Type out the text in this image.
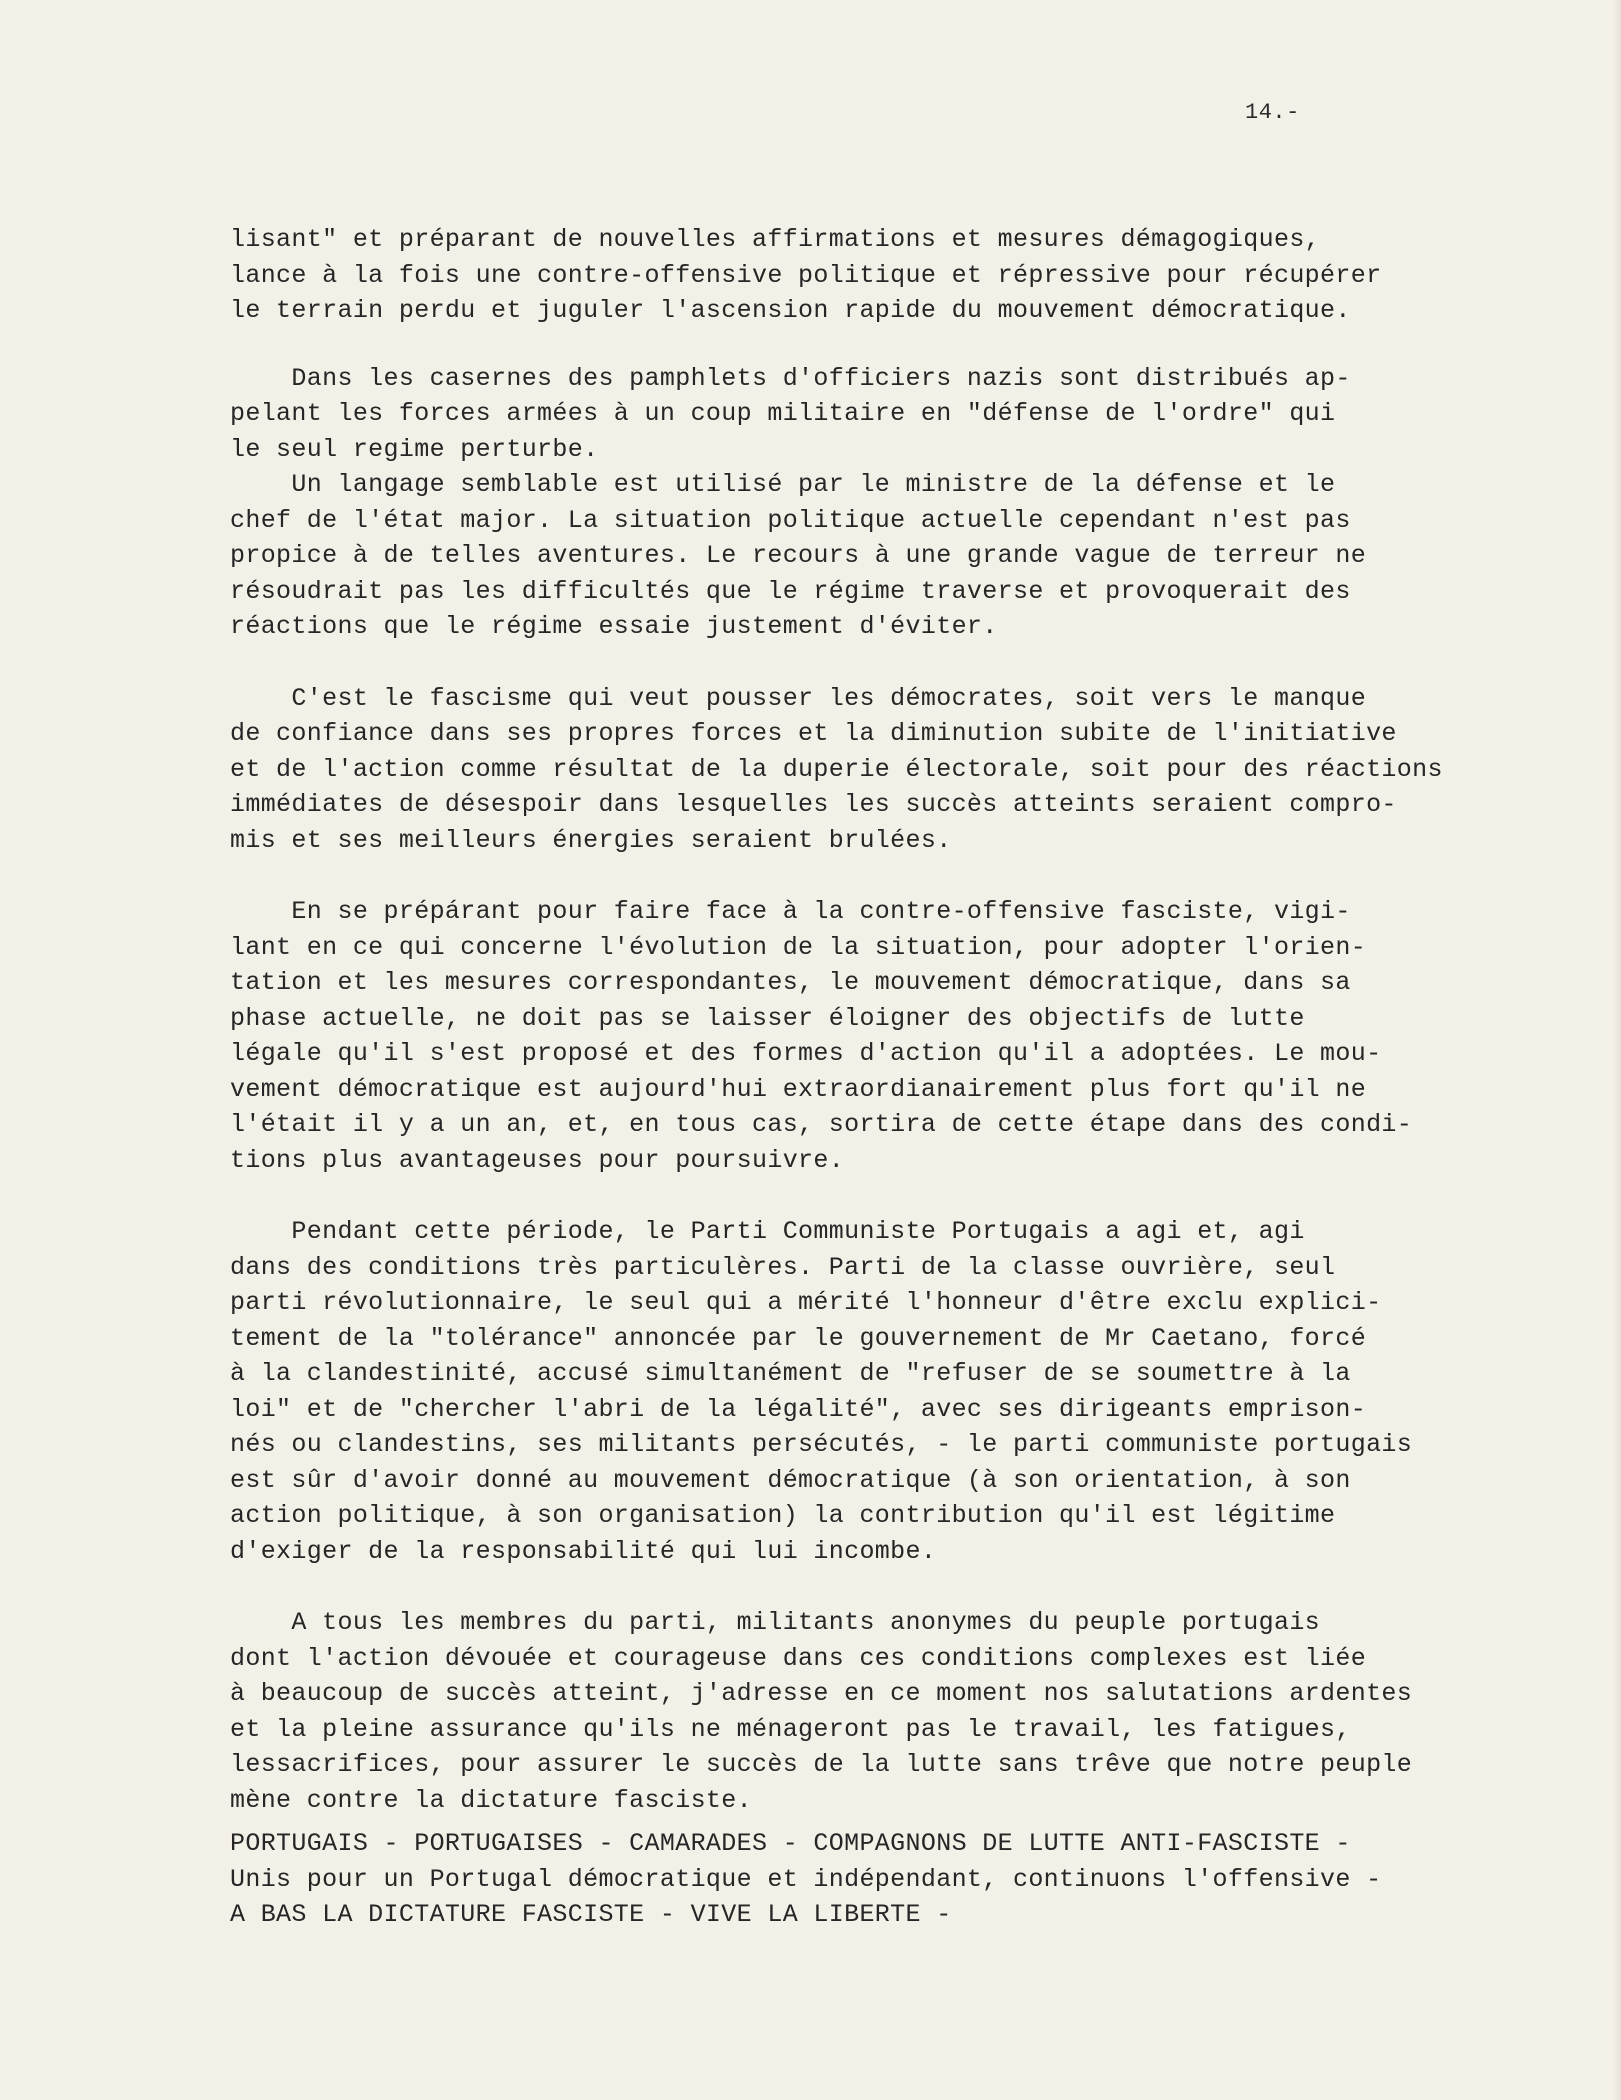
14.-

lisant" et préparant de nouvelles affirmations et mesures démagogiques,
lance à la fois une contre-offensive politique et répressive pour récupérer
le terrain perdu et juguler l'ascension rapide du mouvement démocratique.

Dans les casernes des pamphlets d'officiers nazis sont distribués ap-
pelant les forces armées à un coup militaire en "défense de l'ordre" qui
le seul regime perturbe.

Un langage semblable est utilisé par le ministre de la défense et le
chef de l'état major. La situation politique actuelle cependant n'est pas
propice à de telles aventures. Le recours à une grande vague de terreur ne
résoudrait pas les difficultés que le régime traverse et provoquerait des
réactions que le régime essaie justement d'éviter.

C'est le fascisme qui veut pousser les démocrates, soit vers le manque
de confiance dans ses propres forces et la diminution subite de l'initiative
et de l'action comme résultat de la duperie électorale, soit pour des réactions
immédiates de désespoir dans lesquelles les succès atteints seraient compro-
mis et ses meilleurs énergies seraient brulées.

En se prépárant pour faire face à la contre-offensive fasciste, vigi-
lant en ce qui concerne l'évolution de la situation, pour adopter l'orien-
tation et les mesures correspondantes, le mouvement démocratique, dans sa
phase actuelle, ne doit pas se laisser éloigner des objectifs de lutte
légale qu'il s'est proposé et des formes d'action qu'il a adoptées. Le mou-
vement démocratique est aujourd'hui extraordianairement plus fort qu'il ne
l'était il y a un an, et, en tous cas, sortira de cette étape dans des condi-
tions plus avantageuses pour poursuivre.

Pendant cette période, le Parti Communiste Portugais a agi et, agi
dans des conditions très particulères. Parti de la classe ouvrière, seul
parti révolutionnaire, le seul qui a mérité l'honneur d'être exclu explici-
tement de la "tolérance" annoncée par le gouvernement de Mr Caetano, forcé
à la clandestinité, accusé simultanément de "refuser de se soumettre à la
loi" et de "chercher l'abri de la légalité", avec ses dirigeants emprison-
nés ou clandestins, ses militants persécutés, - le parti communiste portugais
est sûr d'avoir donné au mouvement démocratique (à son orientation, à son
action politique, à son organisation) la contribution qu'il est légitime
d'exiger de la responsabilité qui lui incombe.

A tous les membres du parti, militants anonymes du peuple portugais
dont l'action dévouée et courageuse dans ces conditions complexes est liée
à beaucoup de succès atteint, j'adresse en ce moment nos salutations ardentes
et la pleine assurance qu'ils ne ménageront pas le travail, les fatigues,
lessacrifices, pour assurer le succès de la lutte sans trêve que notre peuple
mène contre la dictature fasciste.

PORTUGAIS - PORTUGAISES - CAMARADES - COMPAGNONS DE LUTTE ANTI-FASCISTE -
Unis pour un Portugal démocratique et indépendant, continuons l'offensive -
A BAS LA DICTATURE FASCISTE - VIVE LA LIBERTE -
